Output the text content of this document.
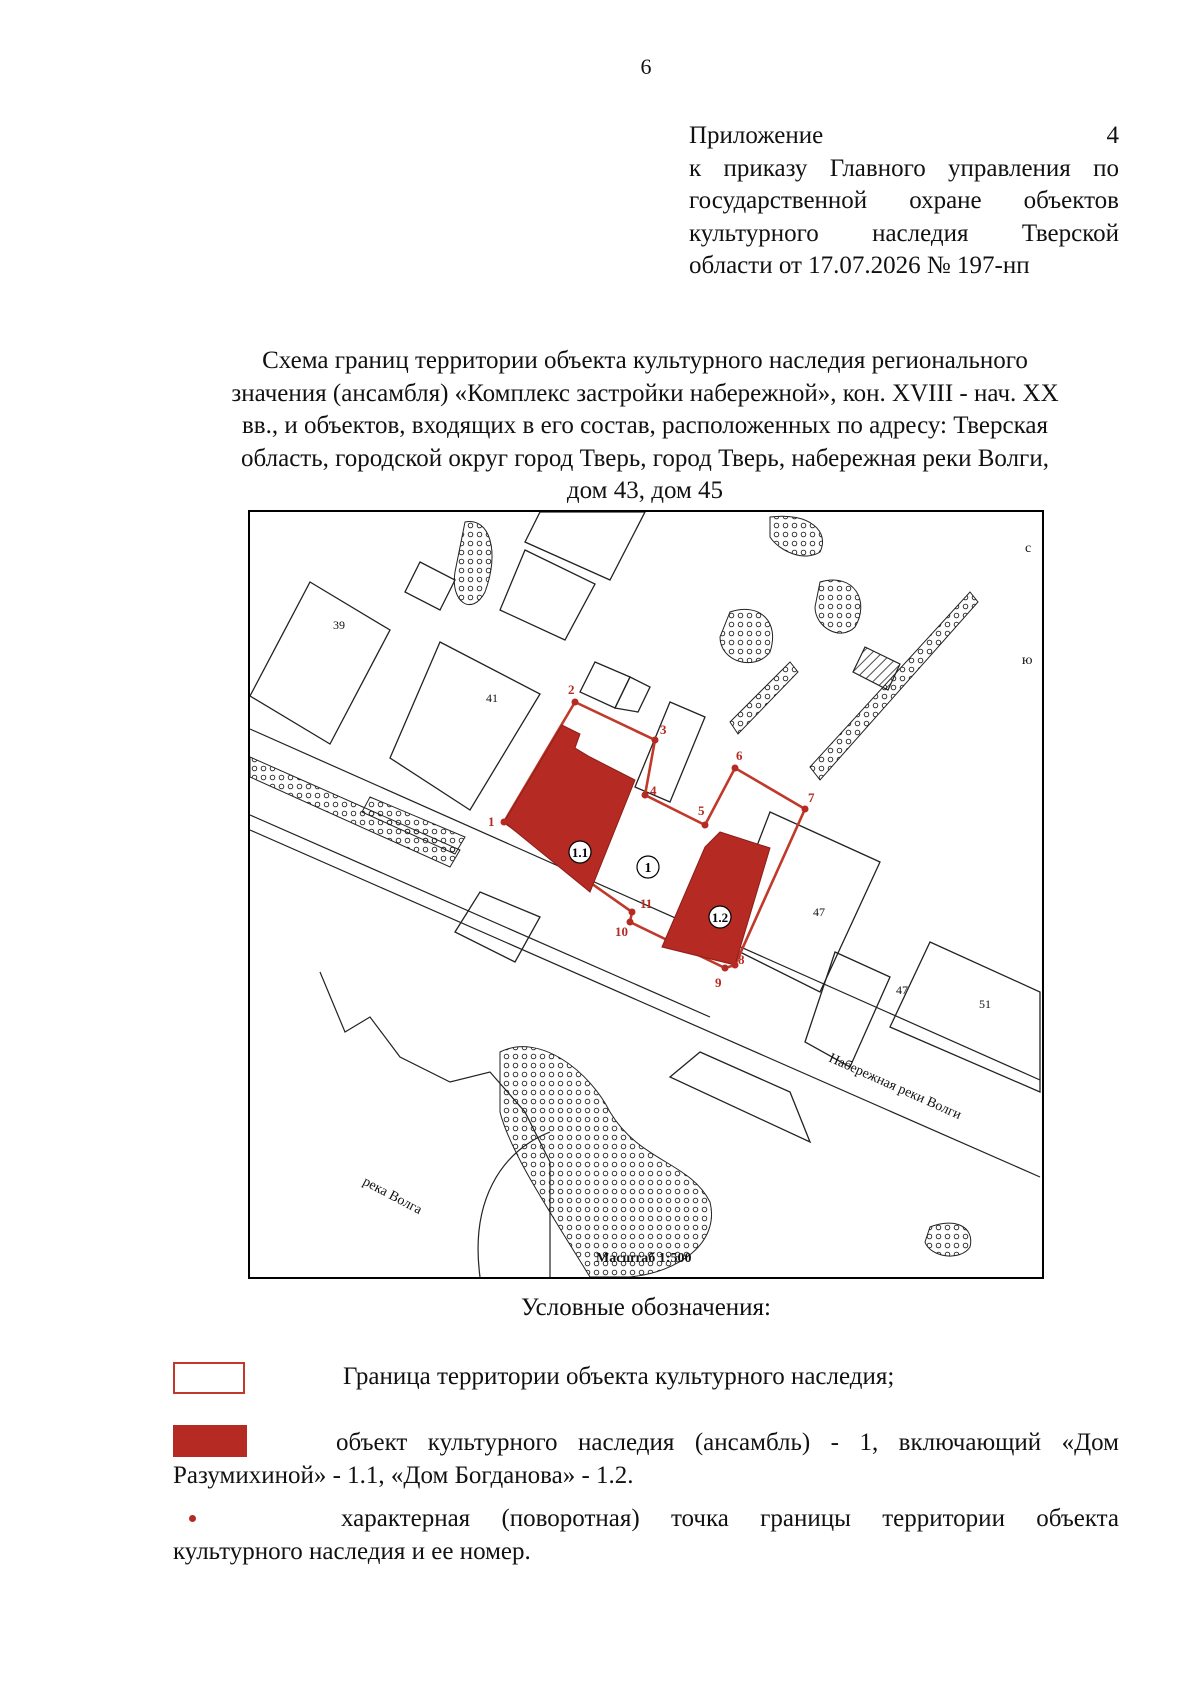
6
Приложение 4
к приказу Главного управления по
государственной охране объектов
культурного наследия Тверской
области от 17.07.2026 № 197-нп
Схема границ территории объекта культурного наследия регионального
значения (ансамбля) «Комплекс застройки набережной», кон. XVIII - нач. XX
вв., и объектов, входящих в его состав, расположенных по адресу: Тверская
область, городской округ город Тверь, город Тверь, набережная реки Волги,
дом 43, дом 45
1.1
1
1.2
1
2
3
4
5
6
7
8
9
10
11
39
41
47
47
51
с
ю
Набережная реки Волги
река Волга
Масштаб 1:500
Условные обозначения:
Граница территории объекта культурного наследия;
объект культурного наследия (ансамбль) - 1, включающий «Дом Разумихиной» - 1.1, «Дом Богданова» - 1.2.
характерная (поворотная) точка границы территории объекта культурного наследия и ее номер.
